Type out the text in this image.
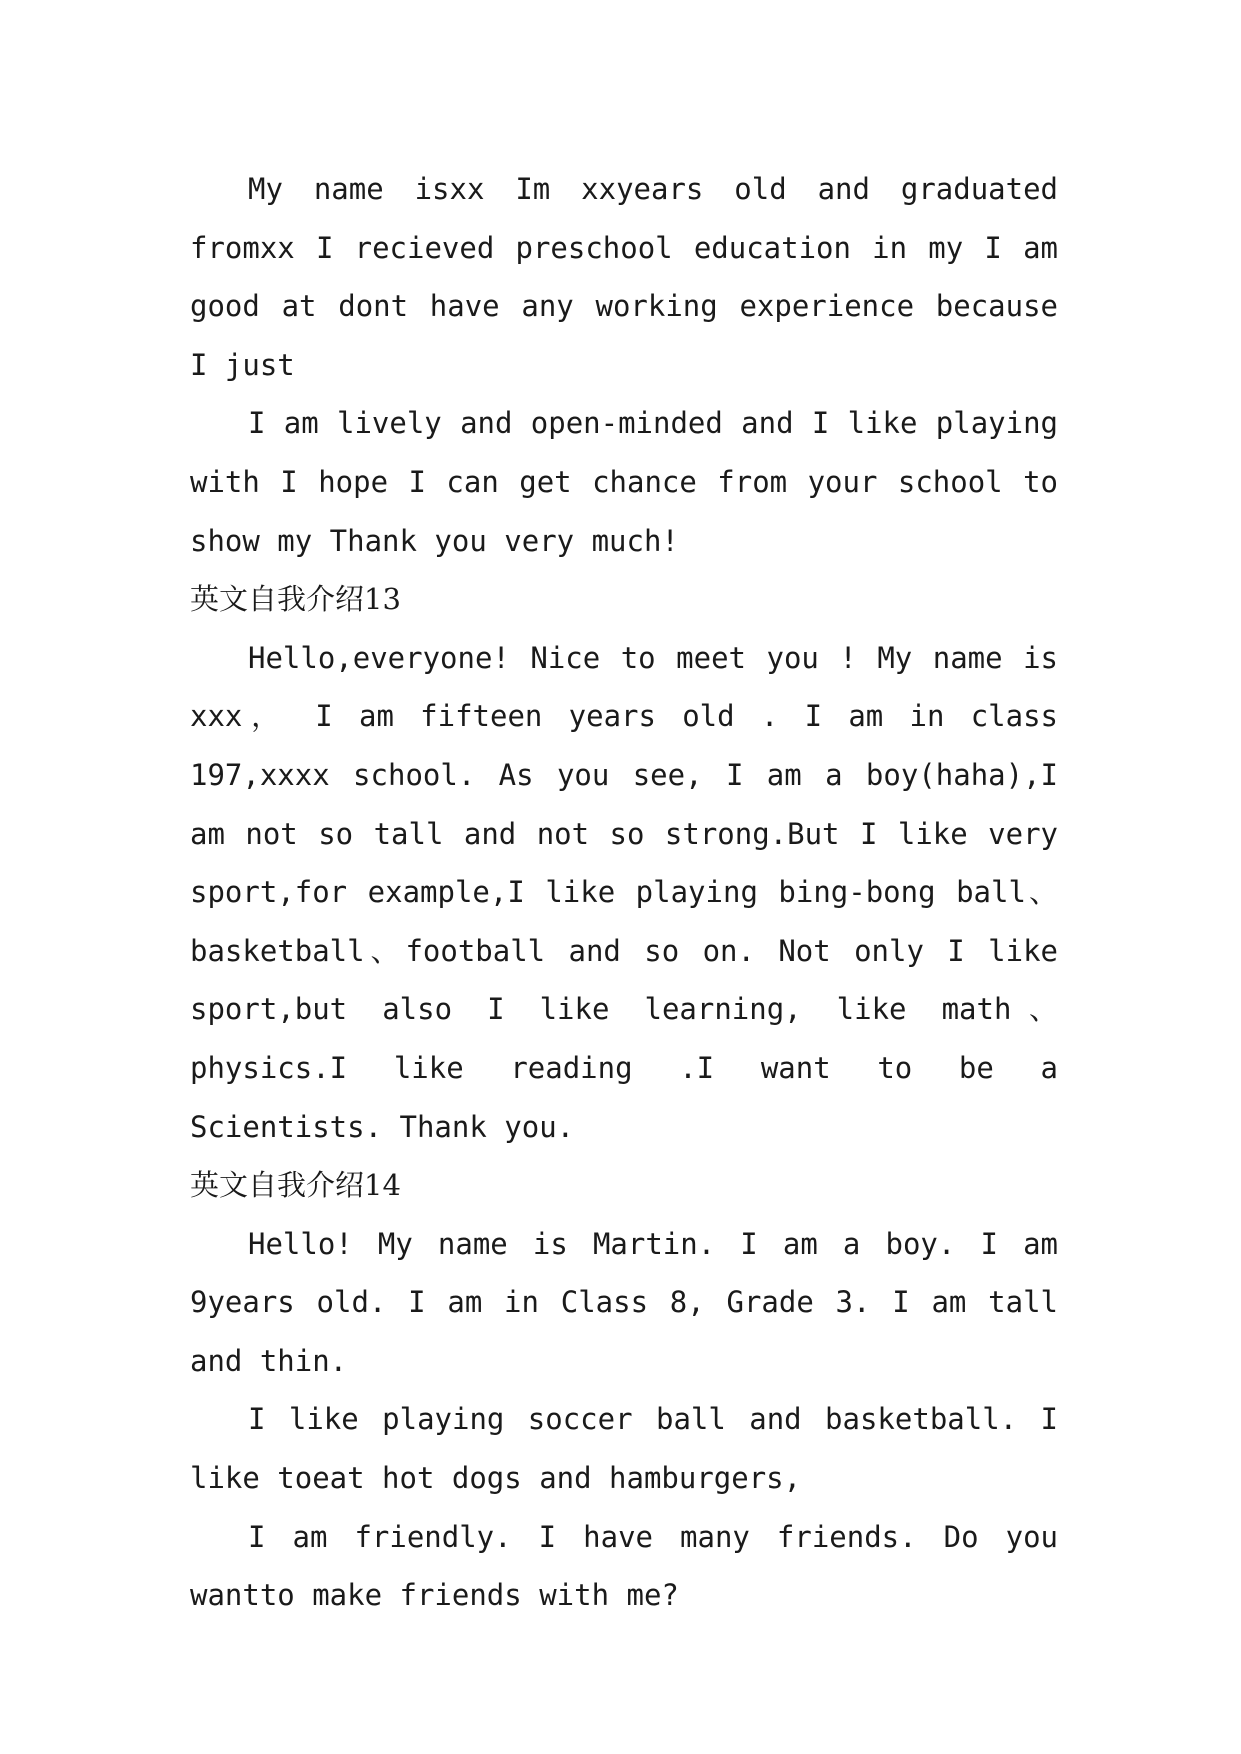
My name isxx Im xxyears old and graduated fromxx I recieved preschool education in my I am good at dont have any working experience because I just

I am lively and open-minded and I like playing with I hope I can get chance from your school to show my Thank you very much!

英文自我介绍13

Hello,everyone! Nice to meet you ! My name is xxx， I am fifteen years old . I am in class 197,xxxx school. As you see, I am a boy(haha),I am not so tall and not so strong.But I like very sport,for example,I like playing bing-bong ball、basketball、football and so on. Not only I like sport,but also I like learning, like math、physics.I like reading .I want to be a Scientists. Thank you.

英文自我介绍14

Hello! My name is Martin. I am a boy. I am 9years old. I am in Class 8, Grade 3. I am tall and thin.

I like playing soccer ball and basketball. I like toeat hot dogs and hamburgers,

I am friendly. I have many friends. Do you wantto make friends with me?
